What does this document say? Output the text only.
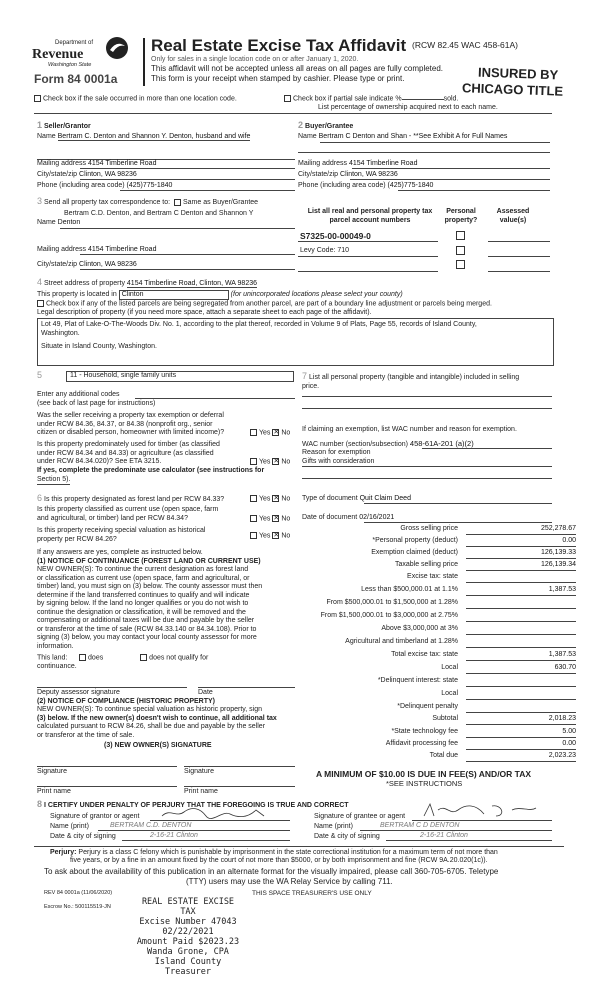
Department of
Revenue
Washington State
Form 84 0001a
Real Estate Excise Tax Affidavit (RCW 82.45 WAC 458-61A)
Only for sales in a single location code on or after January 1, 2020.
This affidavit will not be accepted unless all areas on all pages are fully completed.
This form is your receipt when stamped by cashier. Please type or print.	INSURED BY
CHICAGO TITLE
Check box if the sale occurred in more than one location code.	Check box if partial sale indicate %	sold.
List percentage of ownership acquired next to each name.
1 Seller/Grantor
Name Bertram C. Denton and Shannon Y. Denton, husband and wife
Mailing address 4154 Timberline Road
City/state/zip Clinton, WA 98236
Phone (including area code) (425)775-1840
2 Buyer/Grantee
Name Bertram C Denton and Shan - **See Exhibit A for Full Names
Mailing address 4154 Timberline Road
City/state/zip Clinton, WA 98236
Phone (including area code) (425)775-1840
3 Send all property tax correspondence to: Same as Buyer/Grantee
Bertram C.D. Denton, and Bertram C Denton and Shannon Y
Name Denton
Mailing address 4154 Timberline Road
City/state/zip Clinton, WA 98236
List all real and personal property tax
parcel account numbers
Personal
property?
Assessed
value(s)
S7325-00-00049-0
Levy Code: 710
4 Street address of property 4154 Timberline Road, Clinton, WA 98236
This property is located in Clinton	(for unincorporated locations please select your county)
Check box if any of the listed parcels are being segregated from another parcel, are part of a boundary line adjustment or parcels being merged.
Legal description of property (if you need more space, attach a separate sheet to each page of the affidavit).
Lot 49, Plat of Lake-O-The-Woods Div. No. 1, according to the plat thereof, recorded in Volume 9 of Plats, Page 55, records of Island County,
Washington.
Situate in Island County, Washington.
5	11 - Household, single family units
Enter any additional codes
(see back of last page for instructions)
Was the seller receiving a property tax exemption or deferral
under RCW 84.36, 84.37, or 84.38 (nonprofit org., senior
citizen or disabled person, homeowner with limited income)?	Yes ✕ No
Is this property predominately used for timber (as classified
under RCW 84.34 and 84.33) or agriculture (as classified
under RCW 84.34.020)? See ETA 3215.	Yes ✕ No
If yes, complete the predominate use calculator (see instructions for
Section 5).
7 List all personal property (tangible and intangible) included in selling
price.
If claiming an exemption, list WAC number and reason for exemption.
WAC number (section/subsection) 458-61A-201 (a)(2)
Reason for exemption
Gifts with consideration
6 Is this property designated as forest land per RCW 84.33?	Yes ✕ No
Is this property classified as current use (open space, farm
and agricultural, or timber) land per RCW 84.34?	Yes ✕ No
Is this property receiving special valuation as historical
property per RCW 84.26?	Yes ✕ No
If any answers are yes, complete as instructed below.
(1) NOTICE OF CONTINUANCE (FOREST LAND OR CURRENT USE)
NEW OWNER(S): To continue the current designation as forest land
or classification as current use (open space, farm and agricultural, or
timber) land, you must sign on (3) below. The county assessor must then
determine if the land transferred continues to qualify and will indicate
by signing below. If the land no longer qualifies or you do not wish to
continue the designation or classification, it will be removed and the
compensating or additional taxes will be due and payable by the seller
or transferor at the time of sale (RCW 84.33.140 or 84.34.108). Prior to
signing (3) below, you may contact your local county assessor for more
information.
This land:	does	does not qualify for
continuance.
Deputy assessor signature	Date
(2) NOTICE OF COMPLIANCE (HISTORIC PROPERTY)
NEW OWNER(S): To continue special valuation as historic property, sign
(3) below. If the new owner(s) doesn't wish to continue, all additional tax
calculated pursuant to RCW 84.26, shall be due and payable by the seller
or transferor at the time of sale.
(3) NEW OWNER(S) SIGNATURE
Signature	Signature
Print name	Print name
Type of document Quit Claim Deed
Date of document 02/16/2021
Gross selling price	252,278.67
*Personal property (deduct)	0.00
Exemption claimed (deduct)	126,139.33
Taxable selling price	126,139.34
Excise tax: state
Less than $500,000.01 at 1.1%	1,387.53
From $500,000.01 to $1,500,000 at 1.28%
From $1,500,000.01 to $3,000,000 at 2.75%
Above $3,000,000 at 3%
Agricultural and timberland at 1.28%
Total excise tax: state	1,387.53
Local	630.70
*Delinquent interest: state
Local
*Delinquent penalty
Subtotal	2,018.23
*State technology fee	5.00
Affidavit processing fee	0.00
Total due	2,023.23
A MINIMUM OF $10.00 IS DUE IN FEE(S) AND/OR TAX
*SEE INSTRUCTIONS
8 I CERTIFY UNDER PENALTY OF PERJURY THAT THE FOREGOING IS TRUE AND CORRECT
Signature of grantor or agent
Name (print)	BERTRAM C.D. DENTON
Date & city of signing	2-16-21 Clinton
Signature of grantee or agent
Name (print)	BERTRAM C D DENTON
Date & city of signing	2-16-21 Clinton
Perjury: Perjury is a class C felony which is punishable by imprisonment in the state correctional institution for a maximum term of not more than
five years, or by a fine in an amount fixed by the court of not more than $5000, or by both imprisonment and fine (RCW 9A.20.020(1c)).
To ask about the availability of this publication in an alternate format for the visually impaired, please call 360-705-6705. Teletype
(TTY) users may use the WA Relay Service by calling 711.
REV 84 0001a (11/06/2020)	THIS SPACE TREASURER'S USE ONLY
Escrow No.: 500115519-JN	REAL ESTATE EXCISE TAX
Excise Number 47043
02/22/2021
Amount Paid $2023.23
Wanda Grone, CPA
Island County Treasurer
